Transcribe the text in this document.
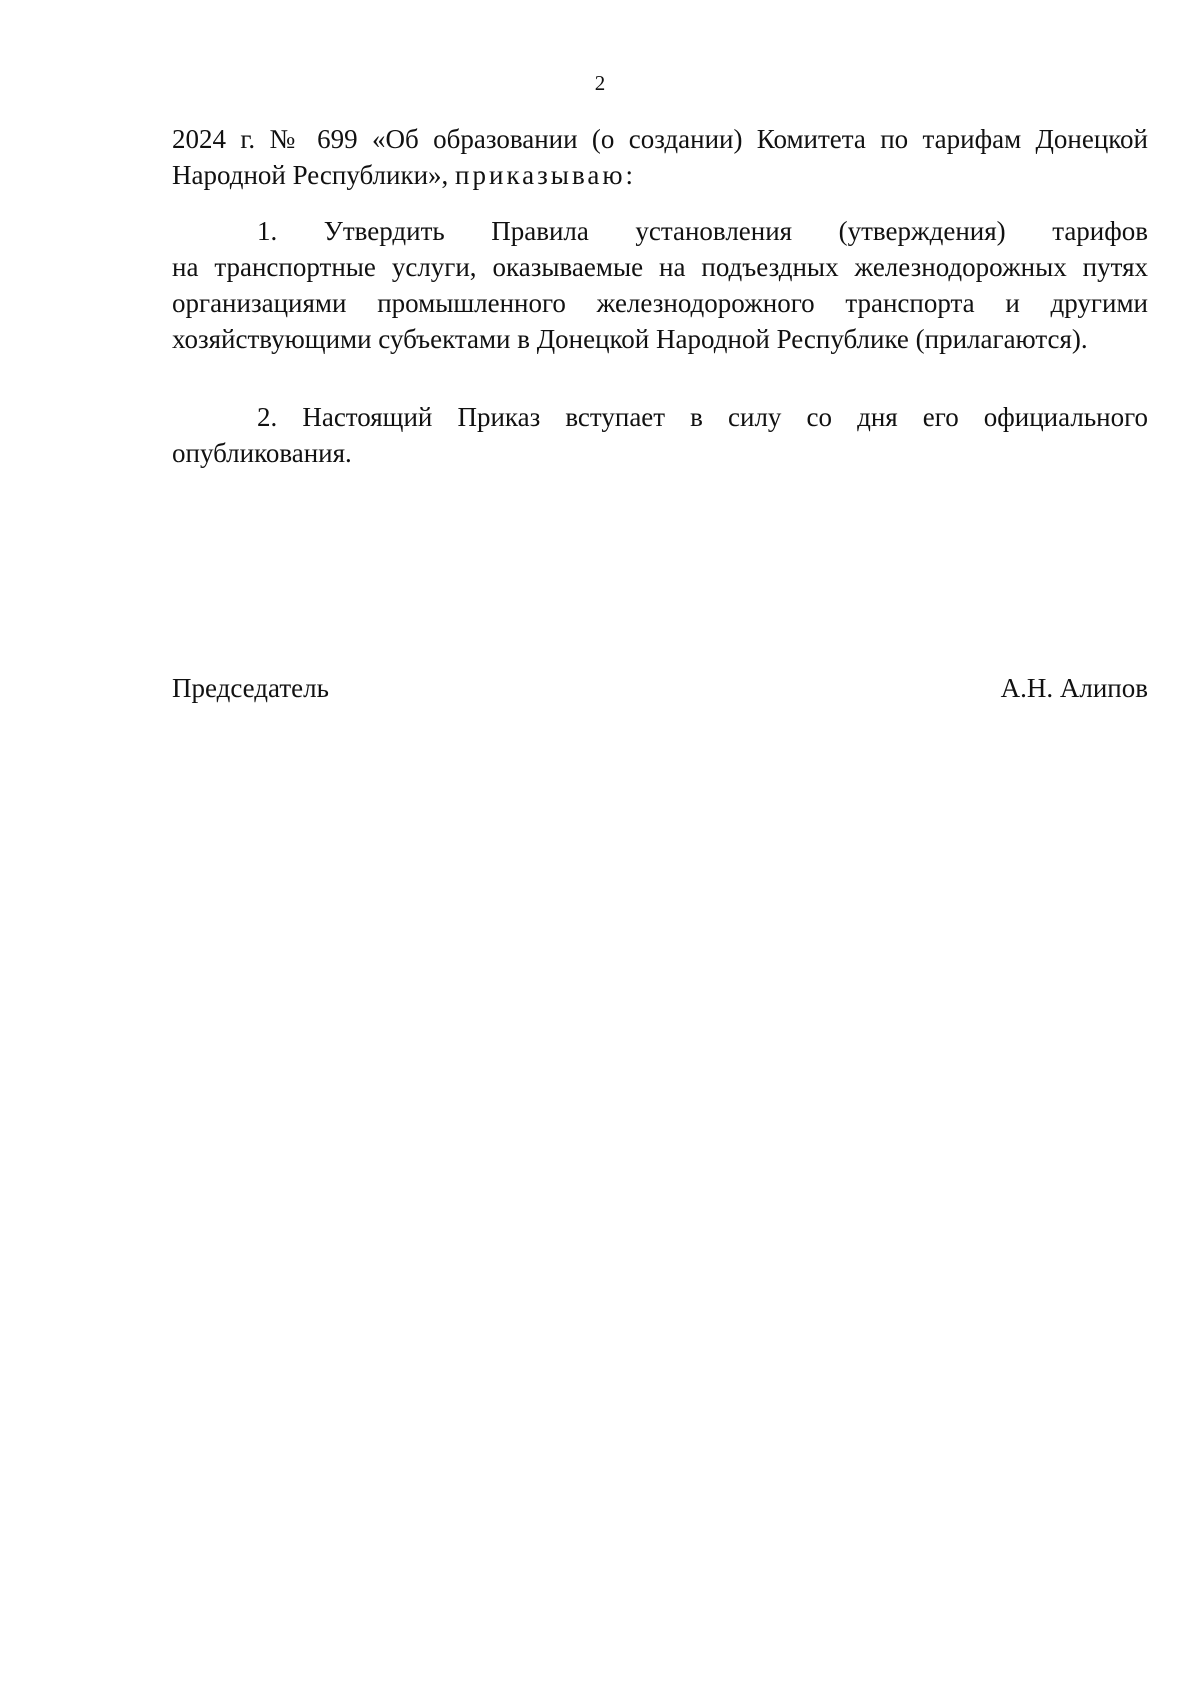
2
2024 г. № 699 «Об образовании (о создании) Комитета по тарифам Донецкой
Народной Республики», приказываю:
1. Утвердить Правила установления (утверждения) тарифов
на транспортные услуги, оказываемые на подъездных железнодорожных путях
организациями промышленного железнодорожного транспорта и другими
хозяйствующими субъектами в Донецкой Народной Республике (прилагаются).
2. Настоящий Приказ вступает в силу со дня его официального
опубликования.
Председатель	А.Н. Алипов
